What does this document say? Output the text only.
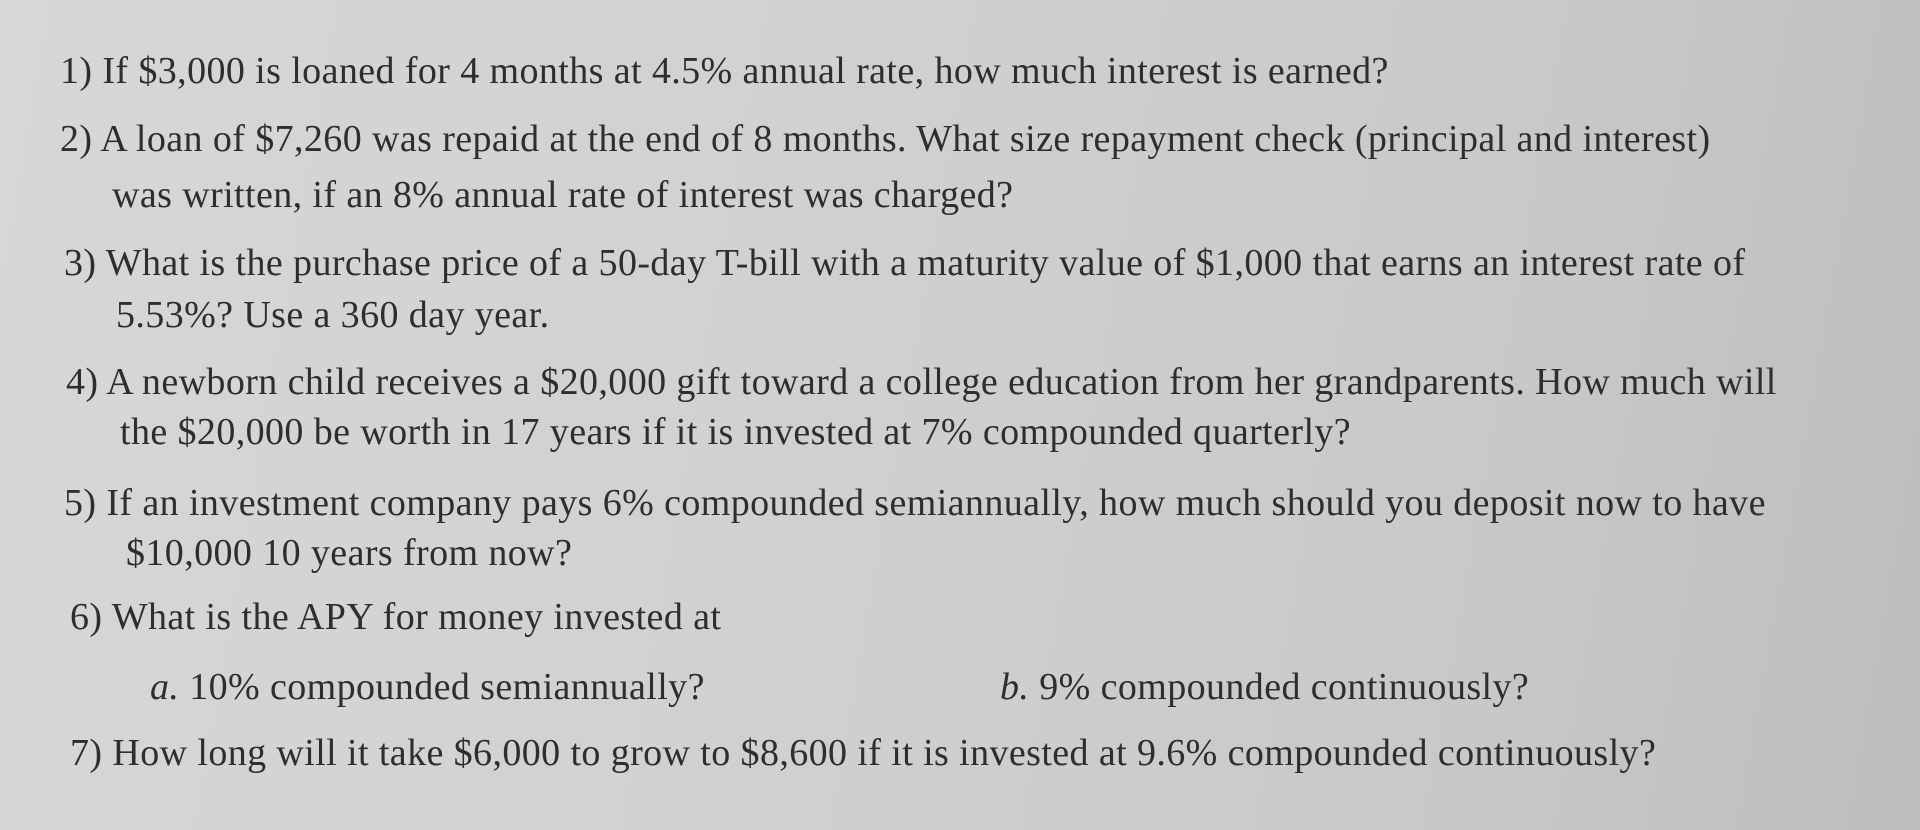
1) If $3,000 is loaned for 4 months at 4.5% annual rate, how much interest is earned?
2) A loan of $7,260 was repaid at the end of 8 months. What size repayment check (principal and interest)
was written, if an 8% annual rate of interest was charged?
3) What is the purchase price of a 50-day T-bill with a maturity value of $1,000 that earns an interest rate of
5.53%? Use a 360 day year.
4) A newborn child receives a $20,000 gift toward a college education from her grandparents. How much will
the $20,000 be worth in 17 years if it is invested at 7% compounded quarterly?
5) If an investment company pays 6% compounded semiannually, how much should you deposit now to have
$10,000 10 years from now?
6) What is the APY for money invested at
a. 10% compounded semiannually?	b. 9% compounded continuously?
7) How long will it take $6,000 to grow to $8,600 if it is invested at 9.6% compounded continuously?
